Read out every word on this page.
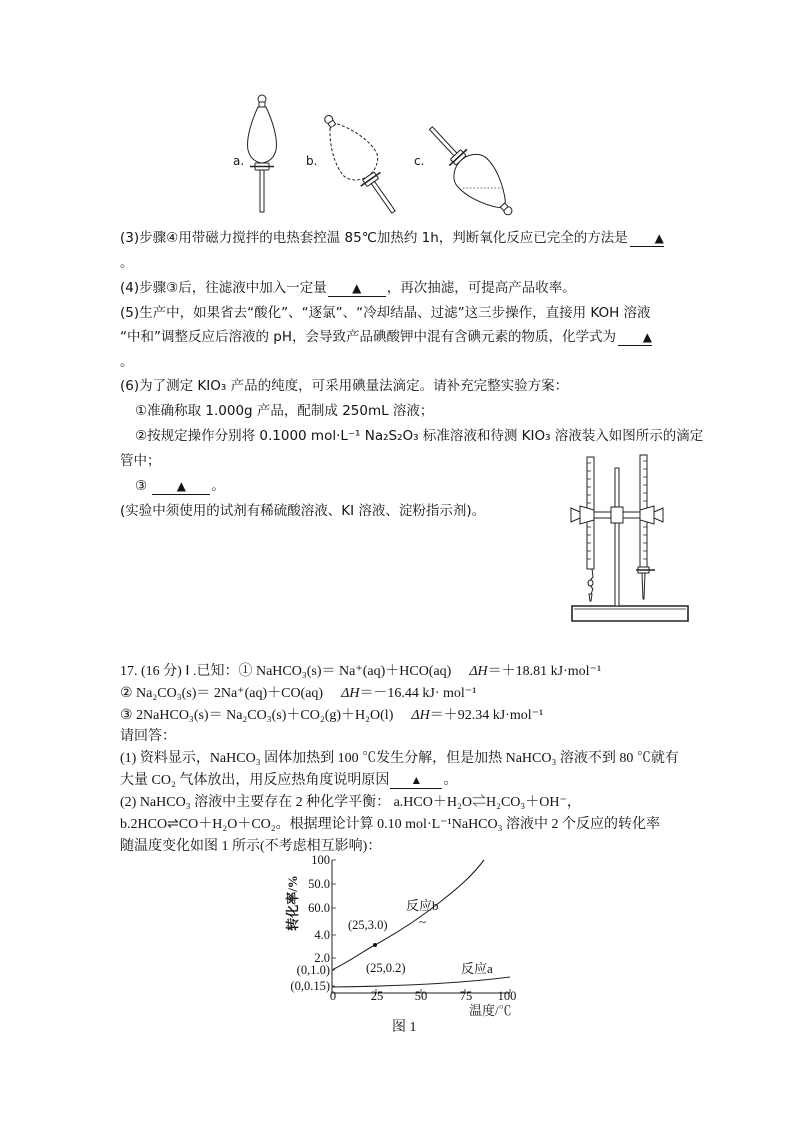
a.	b.	c.
(3)步骤④用带磁力搅拌的电热套控温 85℃加热约 1h，判断氧化反应已完全的方法是 ▲
。
(4)步骤③后，往滤液中加入一定量 ▲ ，再次抽滤，可提高产品收率。
(5)生产中，如果省去“酸化”、“逐氯”、“冷却结晶、过滤”这三步操作，直接用 KOH 溶液
“中和”调整反应后溶液的 pH，会导致产品碘酸钾中混有含碘元素的物质，化学式为 ▲
。
(6)为了测定 KIO₃ 产品的纯度，可采用碘量法滴定。请补充完整实验方案：
①准确称取 1.000g 产品，配制成 250mL 溶液；
②按规定操作分别将 0.1000 mol·L⁻¹ Na₂S₂O₃ 标准溶液和待测 KIO₃ 溶液装入如图所示的滴定
管中；
③ ▲ 。
(实验中须使用的试剂有稀硫酸溶液、KI 溶液、淀粉指示剂)。
17. (16 分) Ⅰ .已知：① NaHCO₃(s)＝ Na⁺(aq)＋HCO(aq) ΔH＝＋18.81 kJ·mol⁻¹
② Na₂CO₃(s)＝ 2Na⁺(aq)＋CO(aq) ΔH＝－16.44 kJ· mol⁻¹
③ 2NaHCO₃(s)＝ Na₂CO₃(s)＋CO₂(g)＋H₂O(l) ΔH＝＋92.34 kJ·mol⁻¹
请回答：
(1) 资料显示，NaHCO₃ 固体加热到 100 ℃发生分解，但是加热 NaHCO₃ 溶液不到 80 ℃就有
大量 CO₂ 气体放出，用反应热角度说明原因 ▲ 。
(2) NaHCO₃ 溶液中主要存在 2 种化学平衡： a.HCO＋H₂O⇌H₂CO₃＋OH⁻，
b.2HCO⇌CO＋H₂O＋CO₂。根据理论计算 0.10 mol·L⁻¹NaHCO₃ 溶液中 2 个反应的转化率
随温度变化如图 1 所示(不考虑相互影响)：
转化率/%
100
50.0
60.0
4.0
2.0
(0,1.0)
(0,0.15)
(25,3.0)
(25,0.2)
0	25	50	75 100
温度/℃
反应b
~
反应a
图 1
